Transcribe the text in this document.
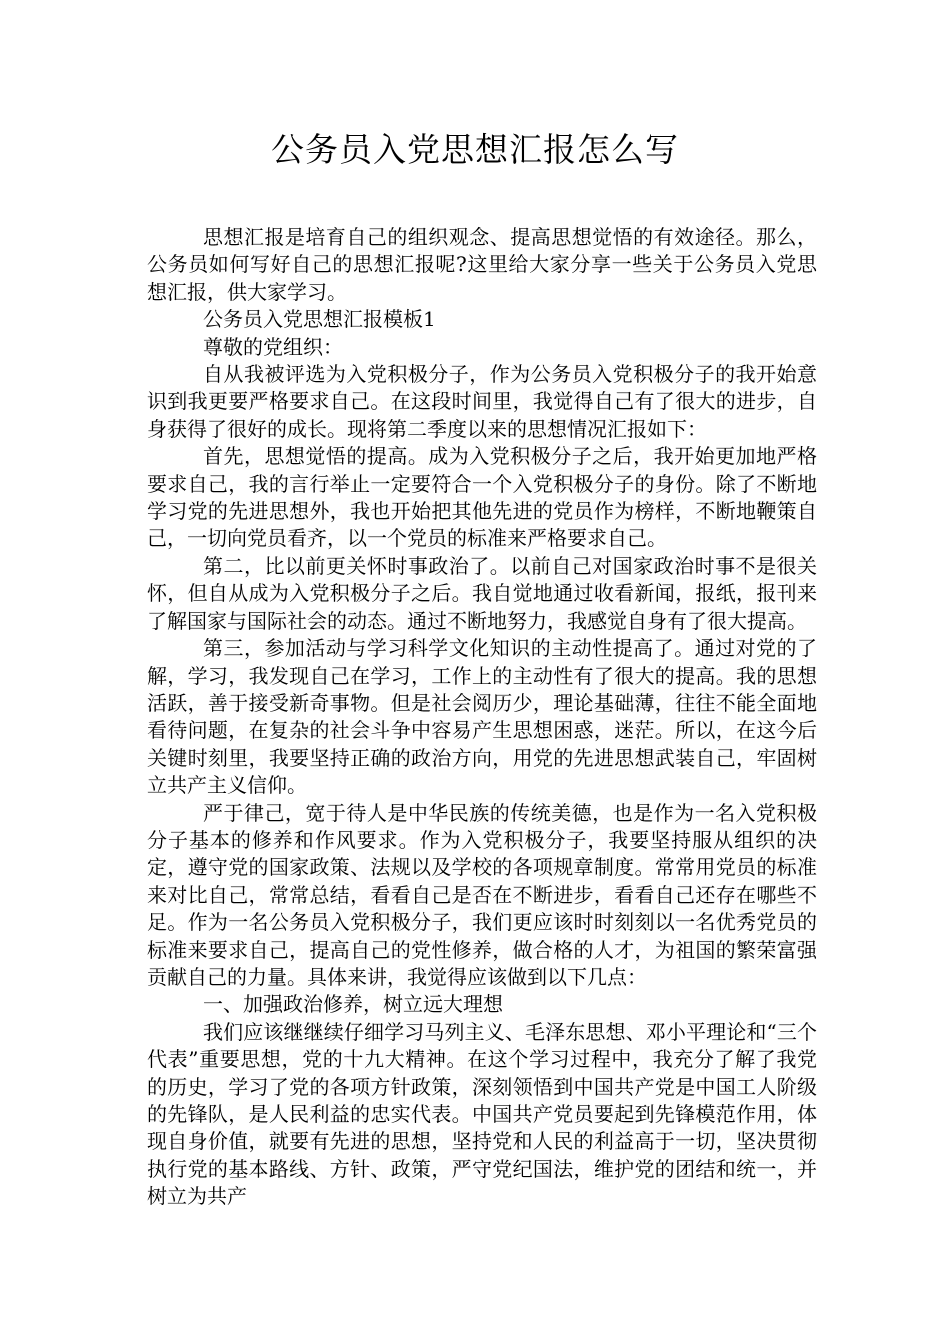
公务员入党思想汇报怎么写

思想汇报是培育自己的组织观念、提高思想觉悟的有效途径。那么，公务员如何写好自己的思想汇报呢?这里给大家分享一些关于公务员入党思想汇报，供大家学习。

公务员入党思想汇报模板1

尊敬的党组织：

自从我被评选为入党积极分子，作为公务员入党积极分子的我开始意识到我更要严格要求自己。在这段时间里，我觉得自己有了很大的进步，自身获得了很好的成长。现将第二季度以来的思想情况汇报如下：

首先，思想觉悟的提高。成为入党积极分子之后，我开始更加地严格要求自己，我的言行举止一定要符合一个入党积极分子的身份。除了不断地学习党的先进思想外，我也开始把其他先进的党员作为榜样，不断地鞭策自己，一切向党员看齐，以一个党员的标准来严格要求自己。

第二，比以前更关怀时事政治了。以前自己对国家政治时事不是很关怀，但自从成为入党积极分子之后。我自觉地通过收看新闻，报纸，报刊来了解国家与国际社会的动态。通过不断地努力，我感觉自身有了很大提高。

第三，参加活动与学习科学文化知识的主动性提高了。通过对党的了解，学习，我发现自己在学习，工作上的主动性有了很大的提高。我的思想活跃，善于接受新奇事物。但是社会阅历少，理论基础薄，往往不能全面地看待问题，在复杂的社会斗争中容易产生思想困惑，迷茫。所以，在这今后关键时刻里，我要坚持正确的政治方向，用党的先进思想武装自己，牢固树立共产主义信仰。

严于律己，宽于待人是中华民族的传统美德，也是作为一名入党积极分子基本的修养和作风要求。作为入党积极分子，我要坚持服从组织的决定，遵守党的国家政策、法规以及学校的各项规章制度。常常用党员的标准来对比自己，常常总结，看看自己是否在不断进步，看看自己还存在哪些不足。作为一名公务员入党积极分子，我们更应该时时刻刻以一名优秀党员的标准来要求自己，提高自己的党性修养，做合格的人才，为祖国的繁荣富强贡献自己的力量。具体来讲，我觉得应该做到以下几点：

一、加强政治修养，树立远大理想

我们应该继继续仔细学习马列主义、毛泽东思想、邓小平理论和“三个代表”重要思想，党的十九大精神。在这个学习过程中，我充分了解了我党的历史，学习了党的各项方针政策，深刻领悟到中国共产党是中国工人阶级的先锋队，是人民利益的忠实代表。中国共产党员要起到先锋模范作用，体现自身价值，就要有先进的思想，坚持党和人民的利益高于一切，坚决贯彻执行党的基本路线、方针、政策，严守党纪国法，维护党的团结和统一，并树立为共产
